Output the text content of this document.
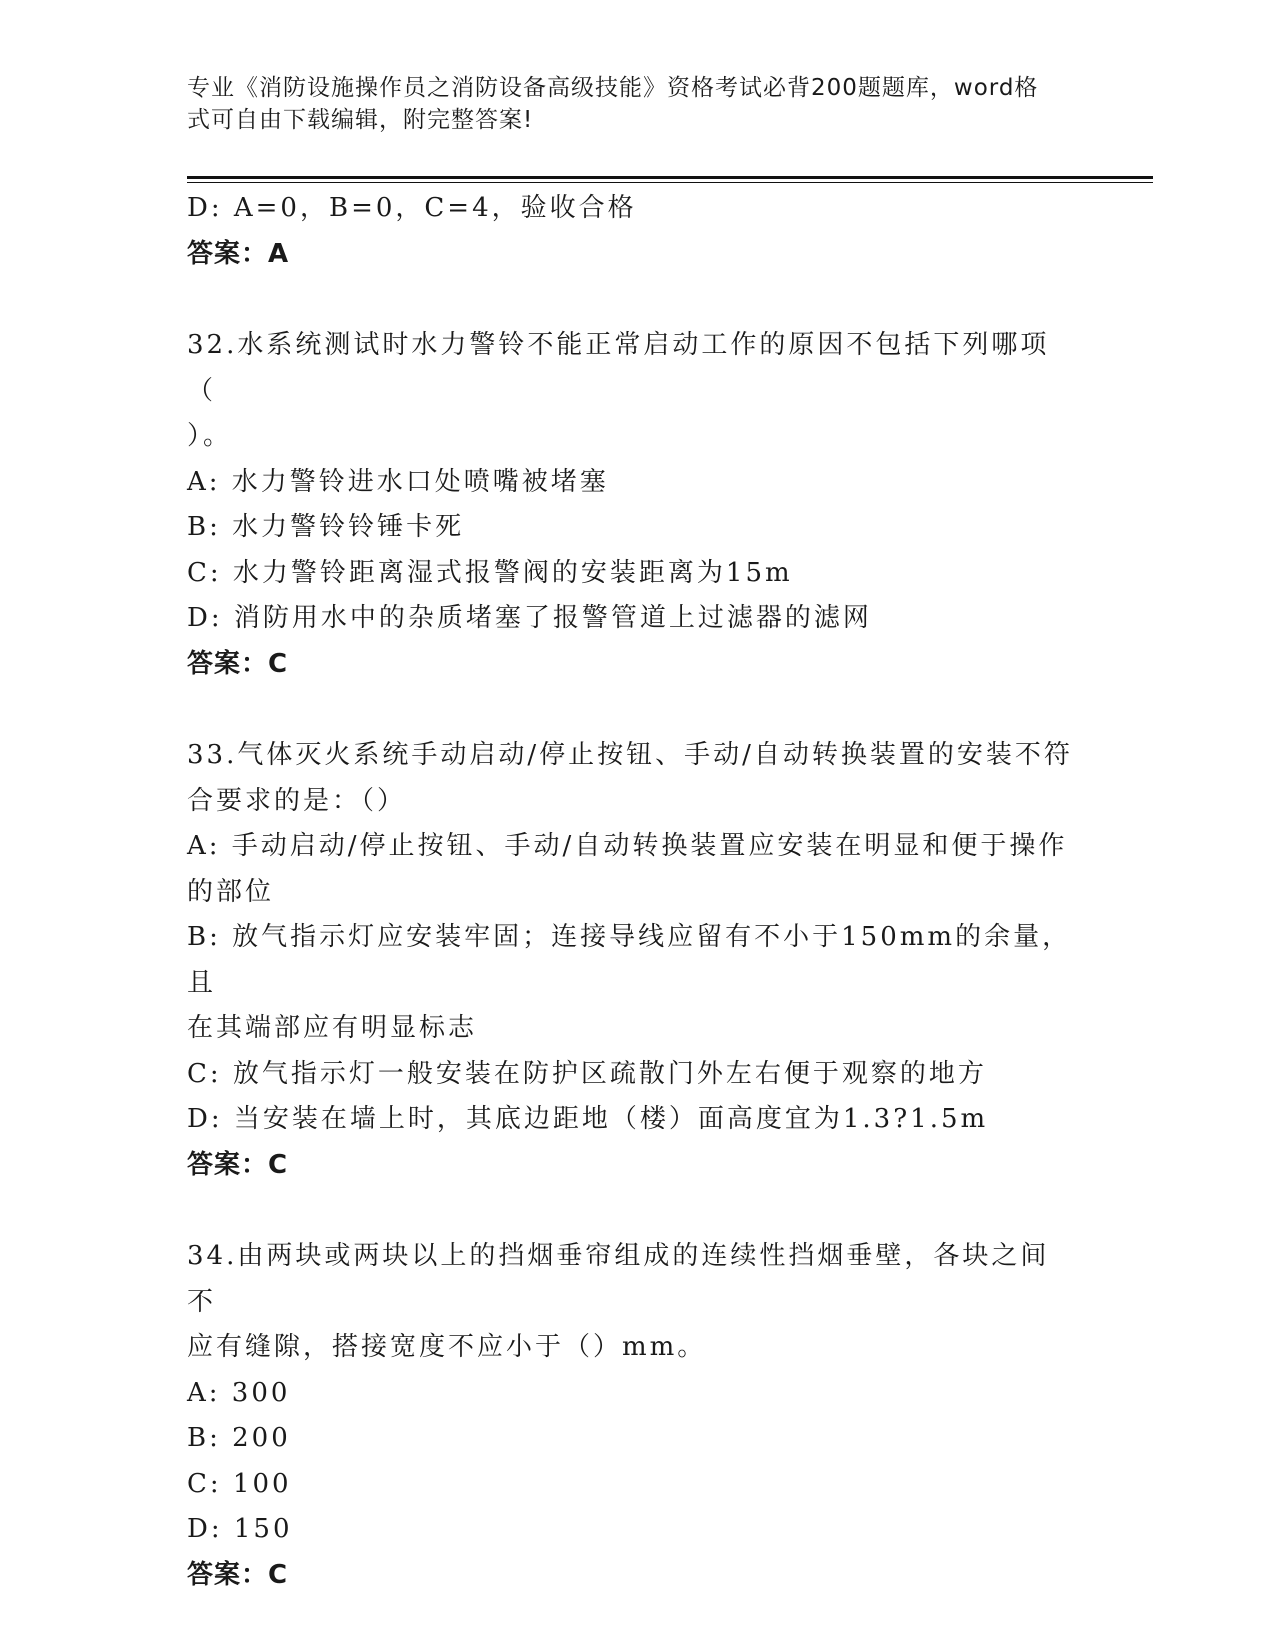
专业《消防设施操作员之消防设备高级技能》资格考试必背200题题库，word格
式可自由下载编辑，附完整答案!
D: A=0，B=0，C=4，验收合格
答案：A
32.水系统测试时水力警铃不能正常启动工作的原因不包括下列哪项（
）。
A: 水力警铃进水口处喷嘴被堵塞
B: 水力警铃铃锤卡死
C: 水力警铃距离湿式报警阀的安装距离为15m
D: 消防用水中的杂质堵塞了报警管道上过滤器的滤网
答案：C
33.气体灭火系统手动启动/停止按钮、手动/自动转换装置的安装不符
合要求的是：（）
A: 手动启动/停止按钮、手动/自动转换装置应安装在明显和便于操作
的部位
B: 放气指示灯应安装牢固；连接导线应留有不小于150mm的余量，且
在其端部应有明显标志
C: 放气指示灯一般安装在防护区疏散门外左右便于观察的地方
D: 当安装在墙上时，其底边距地（楼）面高度宜为1.3?1.5m
答案：C
34.由两块或两块以上的挡烟垂帘组成的连续性挡烟垂壁，各块之间不
应有缝隙，搭接宽度不应小于（）mm。
A: 300
B: 200
C: 100
D: 150
答案：C
